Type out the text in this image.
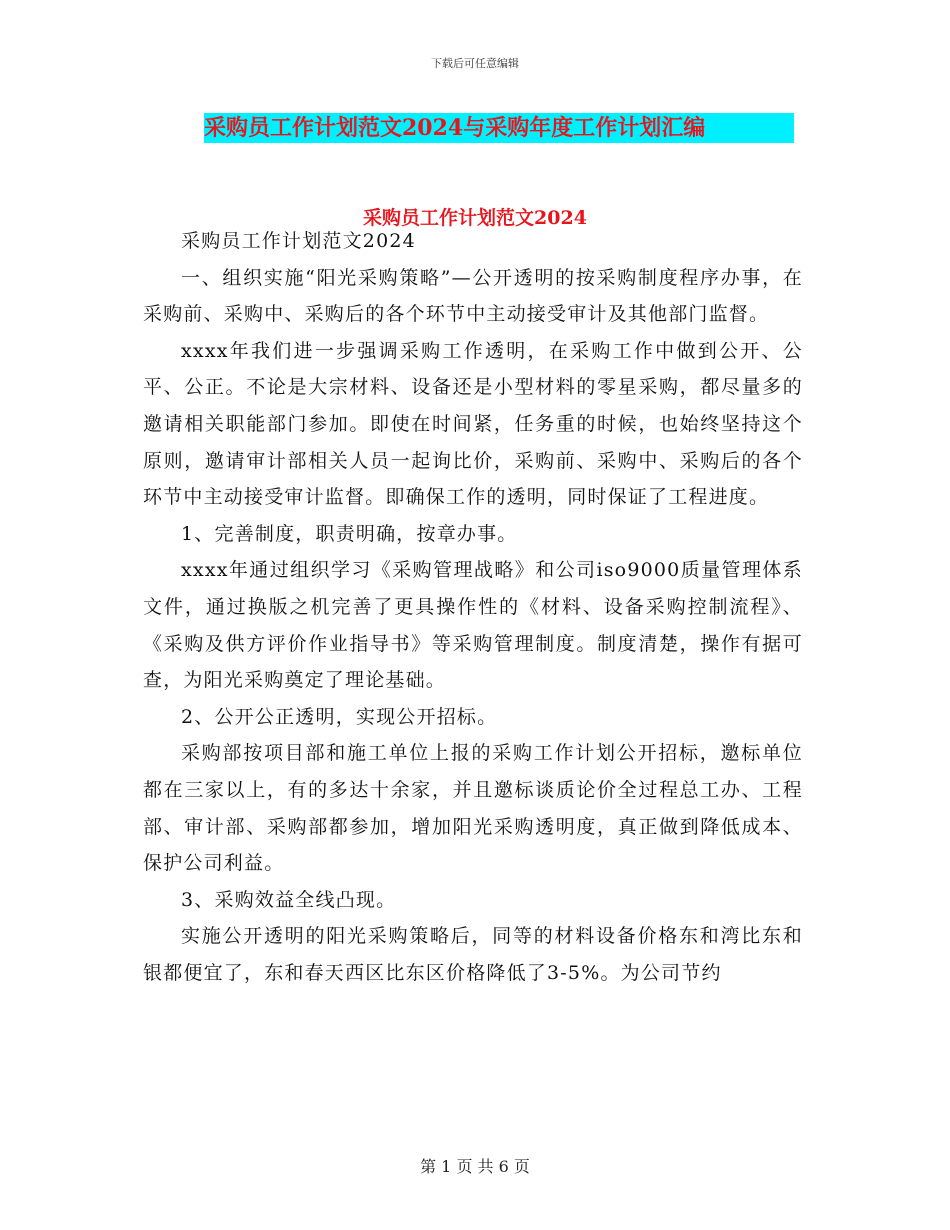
下载后可任意编辑
采购员工作计划范文2024与采购年度工作计划汇编
采购员工作计划范文2024

采购员工作计划范文2024

一、组织实施“阳光采购策略”—公开透明的按采购制度程序办事，在采购前、采购中、采购后的各个环节中主动接受审计及其他部门监督。

xxxx年我们进一步强调采购工作透明，在采购工作中做到公开、公平、公正。不论是大宗材料、设备还是小型材料的零星采购，都尽量多的邀请相关职能部门参加。即使在时间紧，任务重的时候，也始终坚持这个原则，邀请审计部相关人员一起询比价，采购前、采购中、采购后的各个环节中主动接受审计监督。即确保工作的透明，同时保证了工程进度。

1、完善制度，职责明确，按章办事。

xxxx年通过组织学习《采购管理战略》和公司iso9000质量管理体系文件，通过换版之机完善了更具操作性的《材料、设备采购控制流程》、《采购及供方评价作业指导书》等采购管理制度。制度清楚，操作有据可查，为阳光采购奠定了理论基础。

2、公开公正透明，实现公开招标。

采购部按项目部和施工单位上报的采购工作计划公开招标，邀标单位都在三家以上，有的多达十余家，并且邀标谈质论价全过程总工办、工程部、审计部、采购部都参加，增加阳光采购透明度，真正做到降低成本、保护公司利益。

3、采购效益全线凸现。

实施公开透明的阳光采购策略后，同等的材料设备价格东和湾比东和银都便宜了，东和春天西区比东区价格降低了3-5%。为公司节约

第 1 页 共 6 页
